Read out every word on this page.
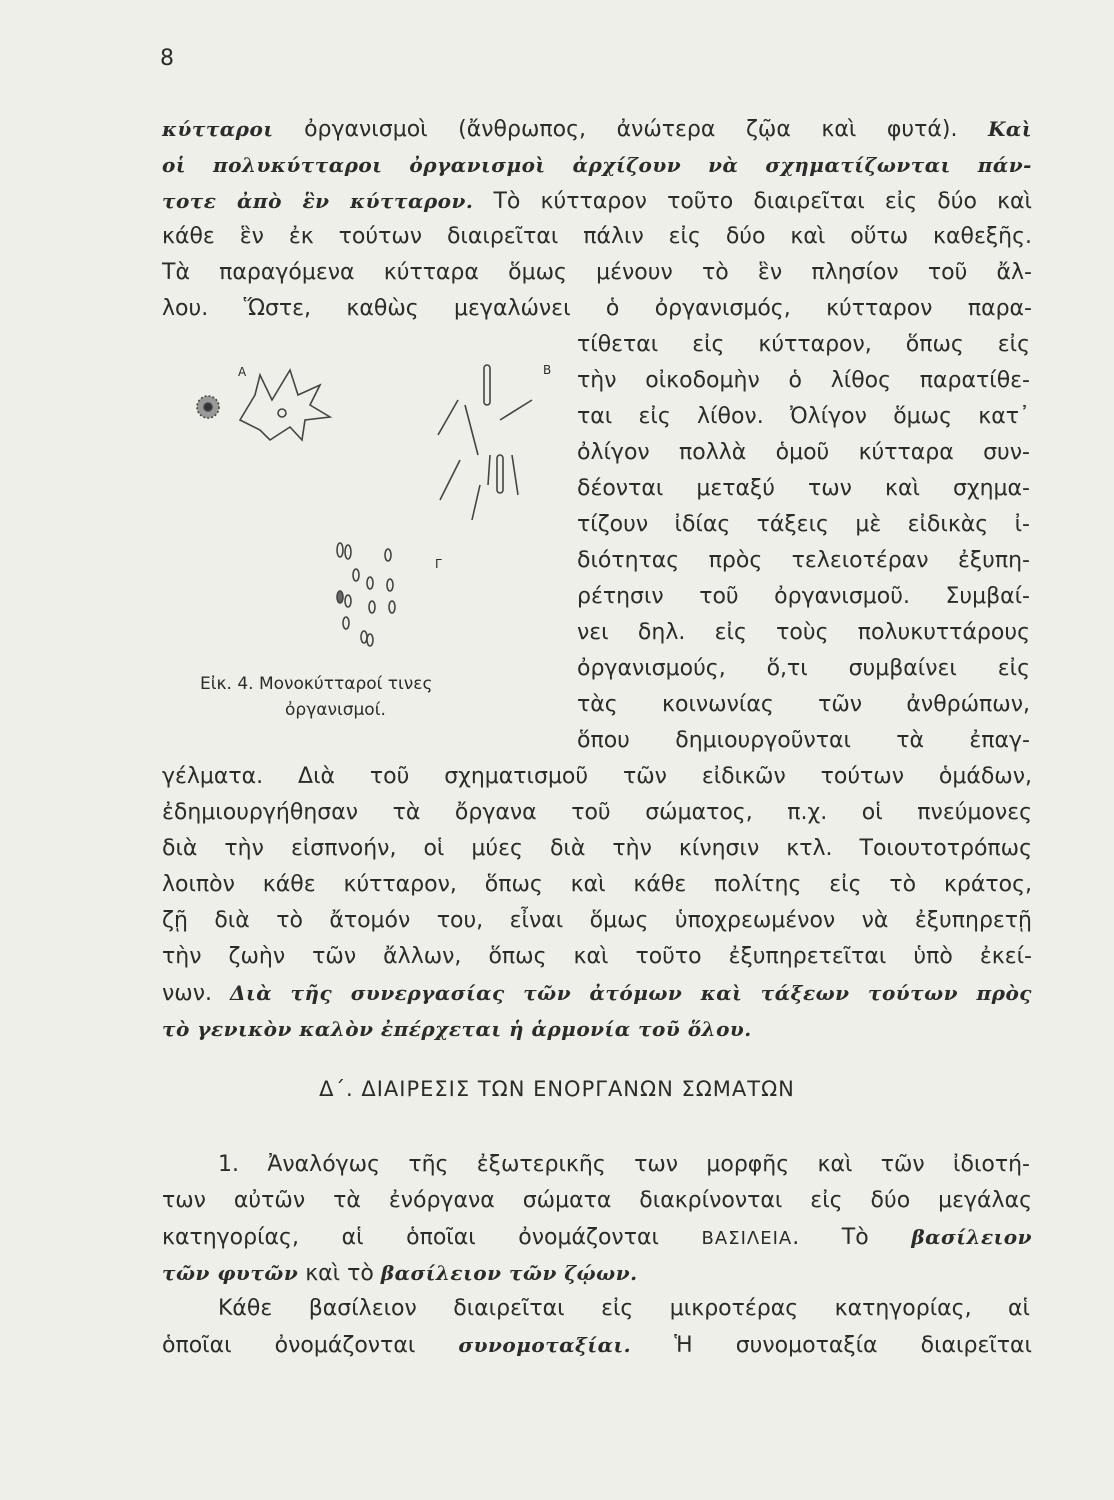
8
κύτταροι ὀργανισμοὶ (ἄνθρωπος, ἀνώτερα ζῷα καὶ φυτά). Καὶ
οἱ πολυκύτταροι ὀργανισμοὶ ἀρχίζουν νὰ σχηματίζωνται πάν-
τοτε ἀπὸ ἓν κύτταρον. Τὸ κύτταρον τοῦτο διαιρεῖται εἰς δύο καὶ
κάθε ἓν ἐκ τούτων διαιρεῖται πάλιν εἰς δύο καὶ οὕτω καθεξῆς.
Τὰ παραγόμενα κύτταρα ὅμως μένουν τὸ ἓν πλησίον τοῦ ἄλ-
λου. Ὥστε, καθὼς μεγαλώνει ὁ ὀργανισμός, κύτταρον παρα-
τίθεται εἰς κύτταρον, ὅπως εἰς
τὴν οἰκοδομὴν ὁ λίθος παρατίθε-
ται εἰς λίθον. Ὀλίγον ὅμως κατ᾿
ὀλίγον πολλὰ ὁμοῦ κύτταρα συν-
δέονται μεταξύ των καὶ σχημα-
τίζουν ἰδίας τάξεις μὲ εἰδικὰς ἰ-
διότητας πρὸς τελειοτέραν ἐξυπη-
ρέτησιν τοῦ ὀργανισμοῦ. Συμβαί-
νει δηλ. εἰς τοὺς πολυκυττάρους
ὀργανισμούς, ὅ,τι συμβαίνει εἰς
τὰς κοινωνίας τῶν ἀνθρώπων,
ὅπου δημιουργοῦνται τὰ ἐπαγ-
A	B
Γ
Εἰκ. 4. Μονοκύτταροί τινες
ὀργανισμοί.
γέλματα. Διὰ τοῦ σχηματισμοῦ τῶν εἰδικῶν τούτων ὁμάδων,
ἐδημιουργήθησαν τὰ ὄργανα τοῦ σώματος, π.χ. οἱ πνεύμονες
διὰ τὴν εἰσπνοήν, οἱ μύες διὰ τὴν κίνησιν κτλ. Τοιουτοτρόπως
λοιπὸν κάθε κύτταρον, ὅπως καὶ κάθε πολίτης εἰς τὸ κράτος,
ζῇ διὰ τὸ ἄτομόν του, εἶναι ὅμως ὑποχρεωμένον νὰ ἐξυπηρετῇ
τὴν ζωὴν τῶν ἄλλων, ὅπως καὶ τοῦτο ἐξυπηρετεῖται ὑπὸ ἐκεί-
νων. Διὰ τῆς συνεργασίας τῶν ἀτόμων καὶ τάξεων τούτων πρὸς
τὸ γενικὸν καλὸν ἐπέρχεται ἡ ἁρμονία τοῦ ὅλου.
Δ΄. ΔΙΑΙΡΕΣΙΣ ΤΩΝ ΕΝΟΡΓΑΝΩΝ ΣΩΜΑΤΩΝ
1. Ἀναλόγως τῆς ἐξωτερικῆς των μορφῆς καὶ τῶν ἰδιοτή-
των αὐτῶν τὰ ἐνόργανα σώματα διακρίνονται εἰς δύο μεγάλας
κατηγορίας, αἱ ὁποῖαι ὀνομάζονται ΒΑΣΙΛΕΙΑ. Τὸ βασίλειον
τῶν φυτῶν καὶ τὸ βασίλειον τῶν ζῴων.
Κάθε βασίλειον διαιρεῖται εἰς μικροτέρας κατηγορίας, αἱ
ὁποῖαι ὀνομάζονται συνομοταξίαι. Ἡ συνομοταξία διαιρεῖται
